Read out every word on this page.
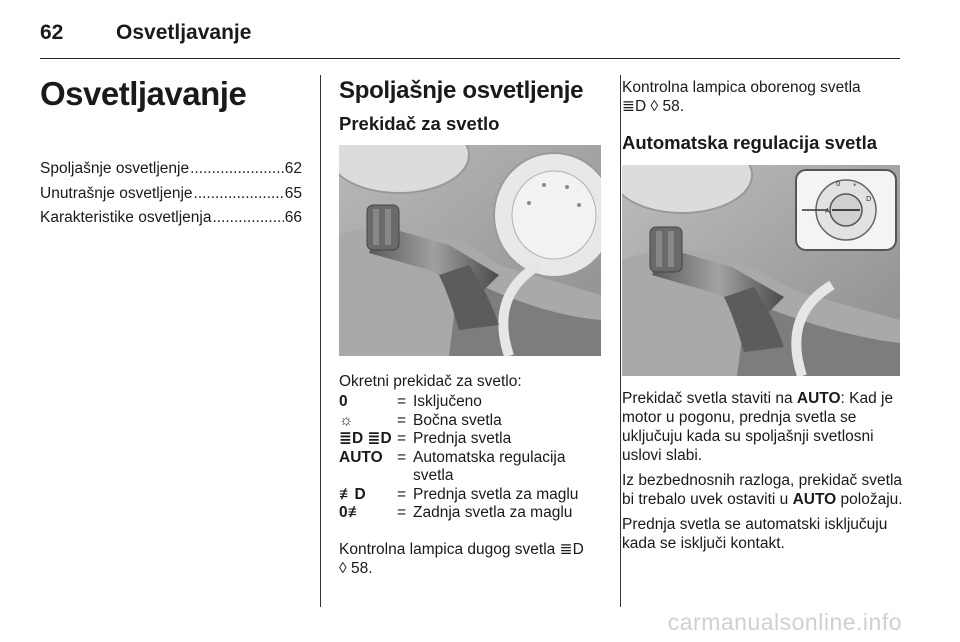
62	Osvetljavanje
Osvetljavanje
Spoljašnje osvetljenje .....	62
Unutrašnje osvetljenje .....	65
Karakteristike osvetljenja .....	66
Spoljašnje osvetljenje
Prekidač za svetlo
Okretni prekidač za svetlo:
0	= Isključeno
☼	= Bočna svetla
≣D ≣D = Prednja svetla
AUTO = Automatska regulacija svetla
≢D	= Prednja svetla za maglu
0≢	= Zadnja svetla za maglu
Kontrolna lampica dugog svetla ≣D
◊ 58.
Kontrolna lampica oborenog svetla
≣D ◊ 58.
Automatska regulacija svetla
A
0 *
D
Prekidač svetla staviti na AUTO: Kad je motor u pogonu, prednja svetla se uključuju kada su spoljašnji svetlosni uslovi slabi.
Iz bezbednosnih razloga, prekidač svetla bi trebalo uvek ostaviti u AUTO položaju.
Prednja svetla se automatski isključuju kada se isključi kontakt.
carmanualsonline.info
